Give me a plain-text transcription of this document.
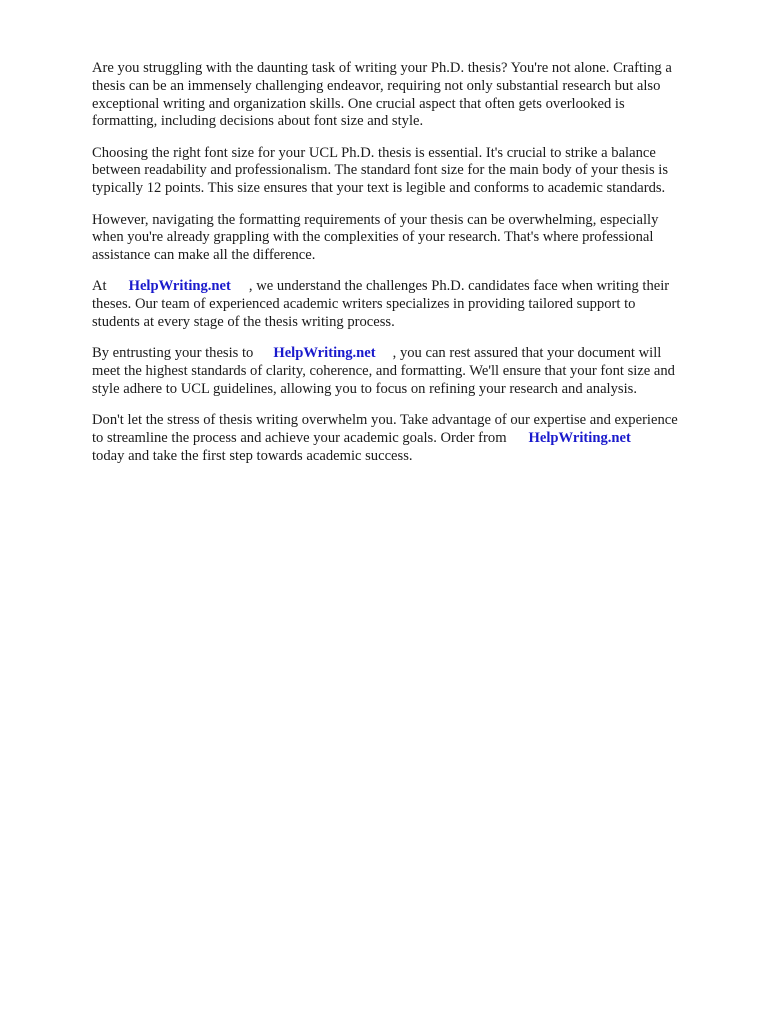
Are you struggling with the daunting task of writing your Ph.D. thesis? You're not alone. Crafting a
thesis can be an immensely challenging endeavor, requiring not only substantial research but also
exceptional writing and organization skills. One crucial aspect that often gets overlooked is
formatting, including decisions about font size and style.

Choosing the right font size for your UCL Ph.D. thesis is essential. It's crucial to strike a balance
between readability and professionalism. The standard font size for the main body of your thesis is
typically 12 points. This size ensures that your text is legible and conforms to academic standards.

However, navigating the formatting requirements of your thesis can be overwhelming, especially
when you're already grappling with the complexities of your research. That's where professional
assistance can make all the difference.

At HelpWriting.net , we understand the challenges Ph.D. candidates face when writing their
theses. Our team of experienced academic writers specializes in providing tailored support to
students at every stage of the thesis writing process.

By entrusting your thesis to HelpWriting.net , you can rest assured that your document will
meet the highest standards of clarity, coherence, and formatting. We'll ensure that your font size and
style adhere to UCL guidelines, allowing you to focus on refining your research and analysis.

Don't let the stress of thesis writing overwhelm you. Take advantage of our expertise and experience
to streamline the process and achieve your academic goals. Order from HelpWriting.net
today and take the first step towards academic success.
